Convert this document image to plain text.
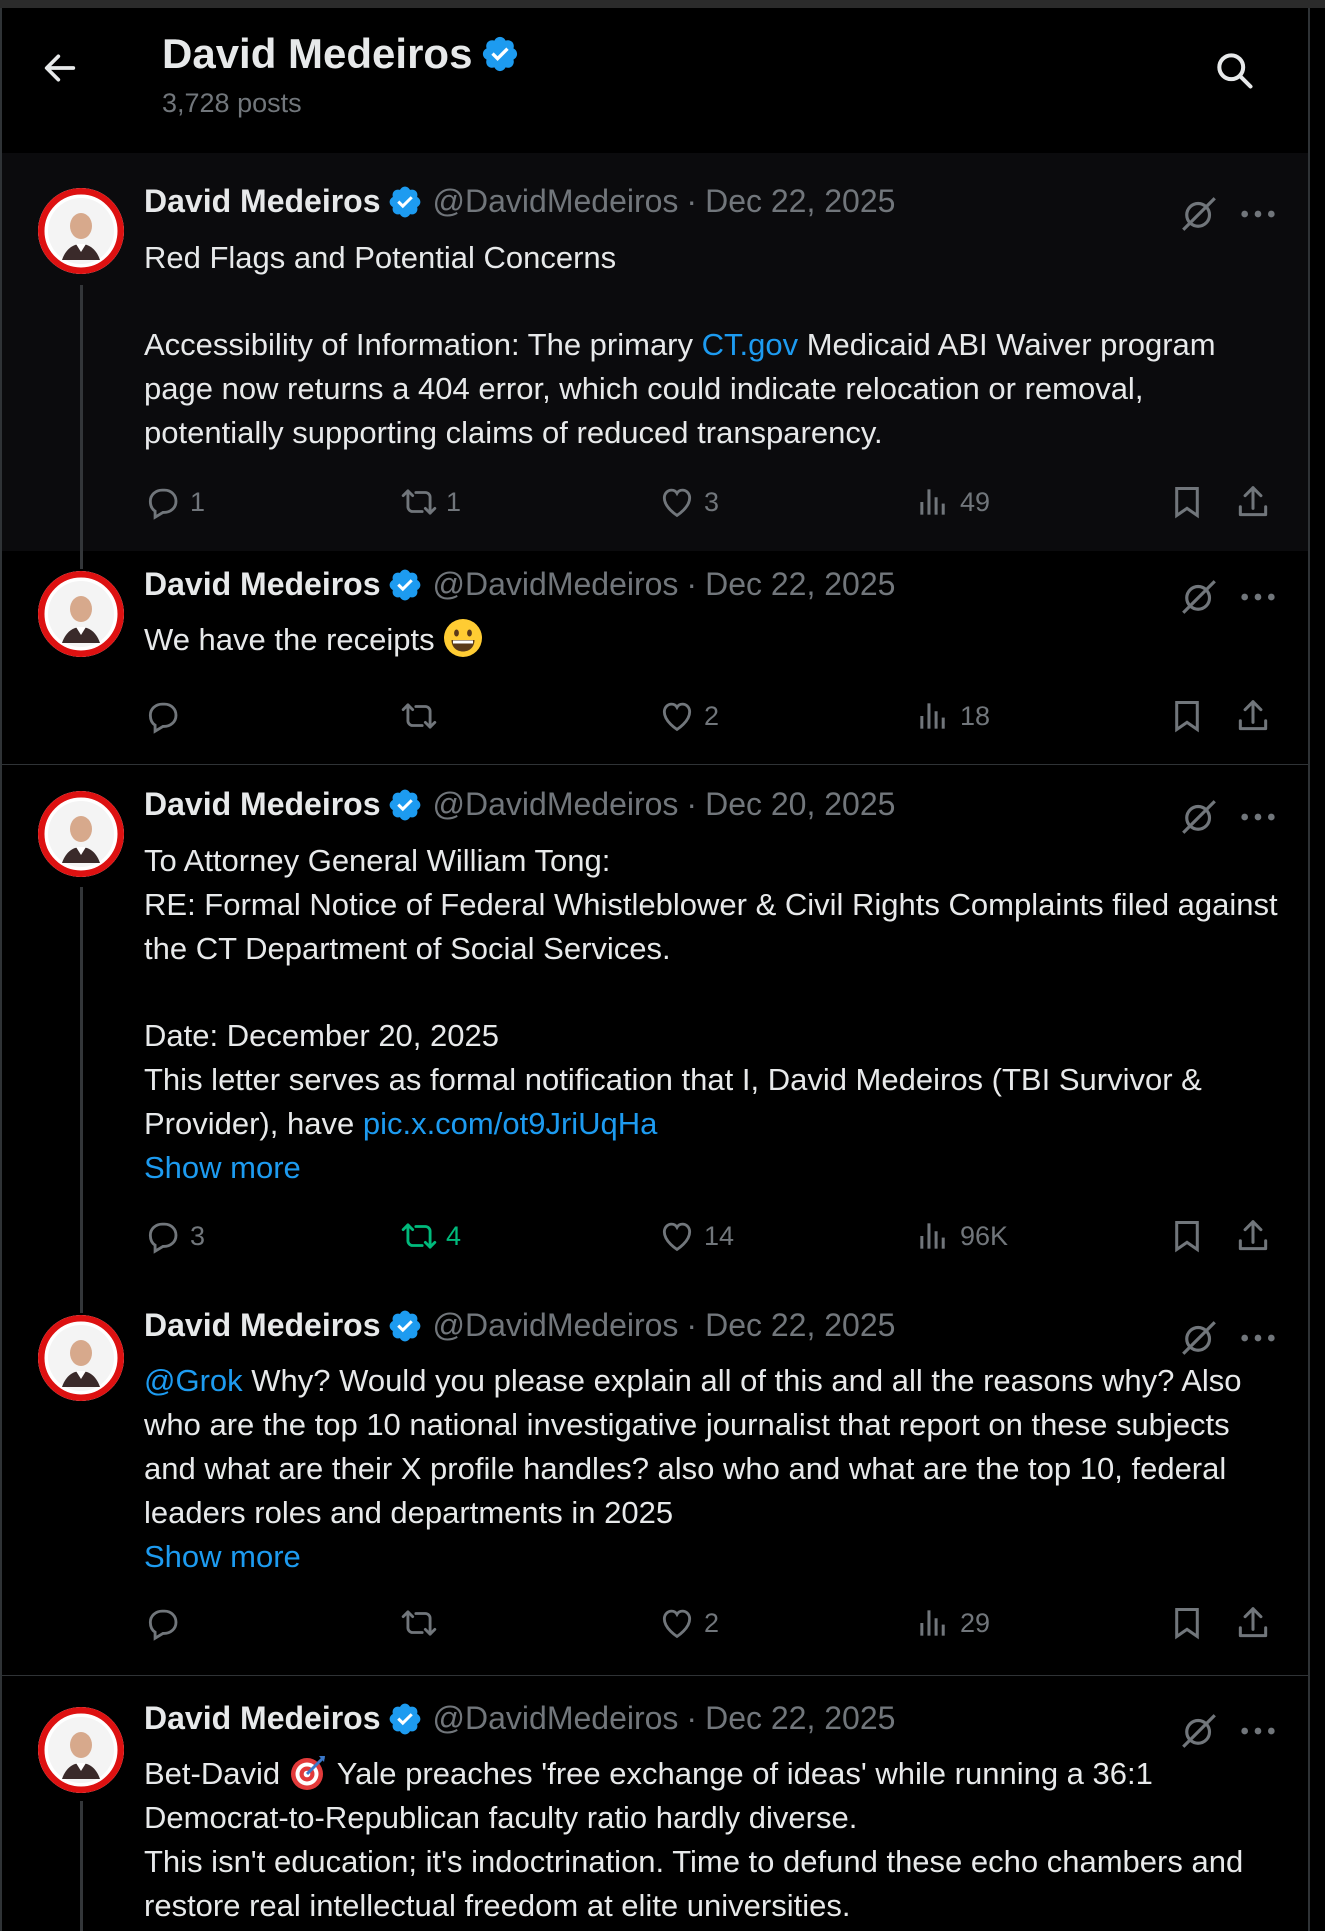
David Medeiros
3,728 posts
David Medeiros @DavidMedeiros · Dec 22, 2025

Red Flags and Potential Concerns

Accessibility of Information: The primary CT.gov Medicaid ABI Waiver program page now returns a 404 error, which could indicate relocation or removal, potentially supporting claims of reduced transparency.

1	1	3	49
David Medeiros @DavidMedeiros · Dec 22, 2025

We have the receipts

2	18
David Medeiros @DavidMedeiros · Dec 20, 2025

To Attorney General William Tong:

RE: Formal Notice of Federal Whistleblower & Civil Rights Complaints filed against the CT Department of Social Services.

Date: December 20, 2025

This letter serves as formal notification that I, David Medeiros (TBI Survivor & Provider), have pic.x.com/ot9JriUqHa

Show more

3	4	14	96K
David Medeiros @DavidMedeiros · Dec 22, 2025

@Grok Why? Would you please explain all of this and all the reasons why? Also who are the top 10 national investigative journalist that report on these subjects and what are their X profile handles? also who and what are the top 10, federal leaders roles and departments in 2025

Show more

2	29
David Medeiros @DavidMedeiros · Dec 22, 2025

Bet-David  Yale preaches 'free exchange of ideas' while running a 36:1 Democrat-to-Republican faculty ratio hardly diverse.

This isn't education; it's indoctrination. Time to defund these echo chambers and restore real intellectual freedom at elite universities.
